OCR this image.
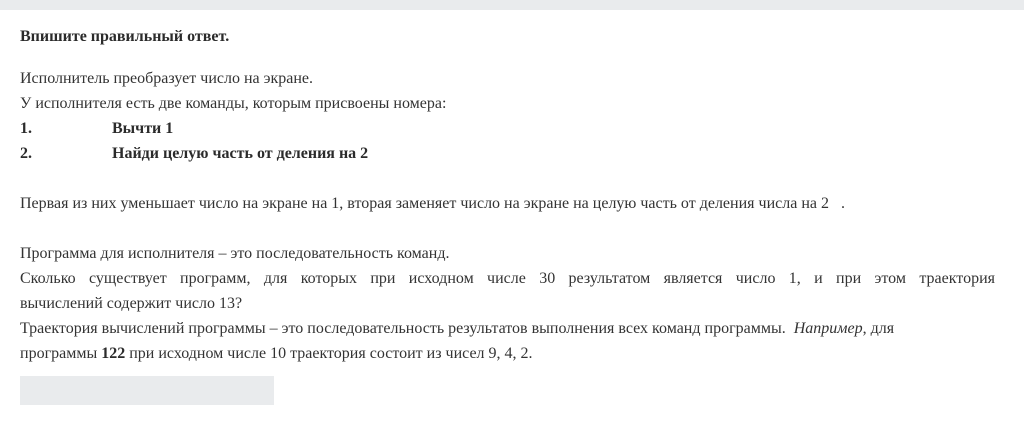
Впишите правильный ответ.
Исполнитель преобразует число на экране.
У исполнителя есть две команды, которым присвоены номера:
1.	Вычти 1
2.	Найди целую часть от деления на 2
Первая из них уменьшает число на экране на 1, вторая заменяет число на экране на целую часть от деления числа на 2 .
Программа для исполнителя – это последовательность команд.
Сколько существует программ, для которых при исходном числе 30 результатом является число 1, и при этом траектория
вычислений содержит число 13?
Траектория вычислений программы – это последовательность результатов выполнения всех команд программы. Например, для
программы 122 при исходном числе 10 траектория состоит из чисел 9, 4, 2.
